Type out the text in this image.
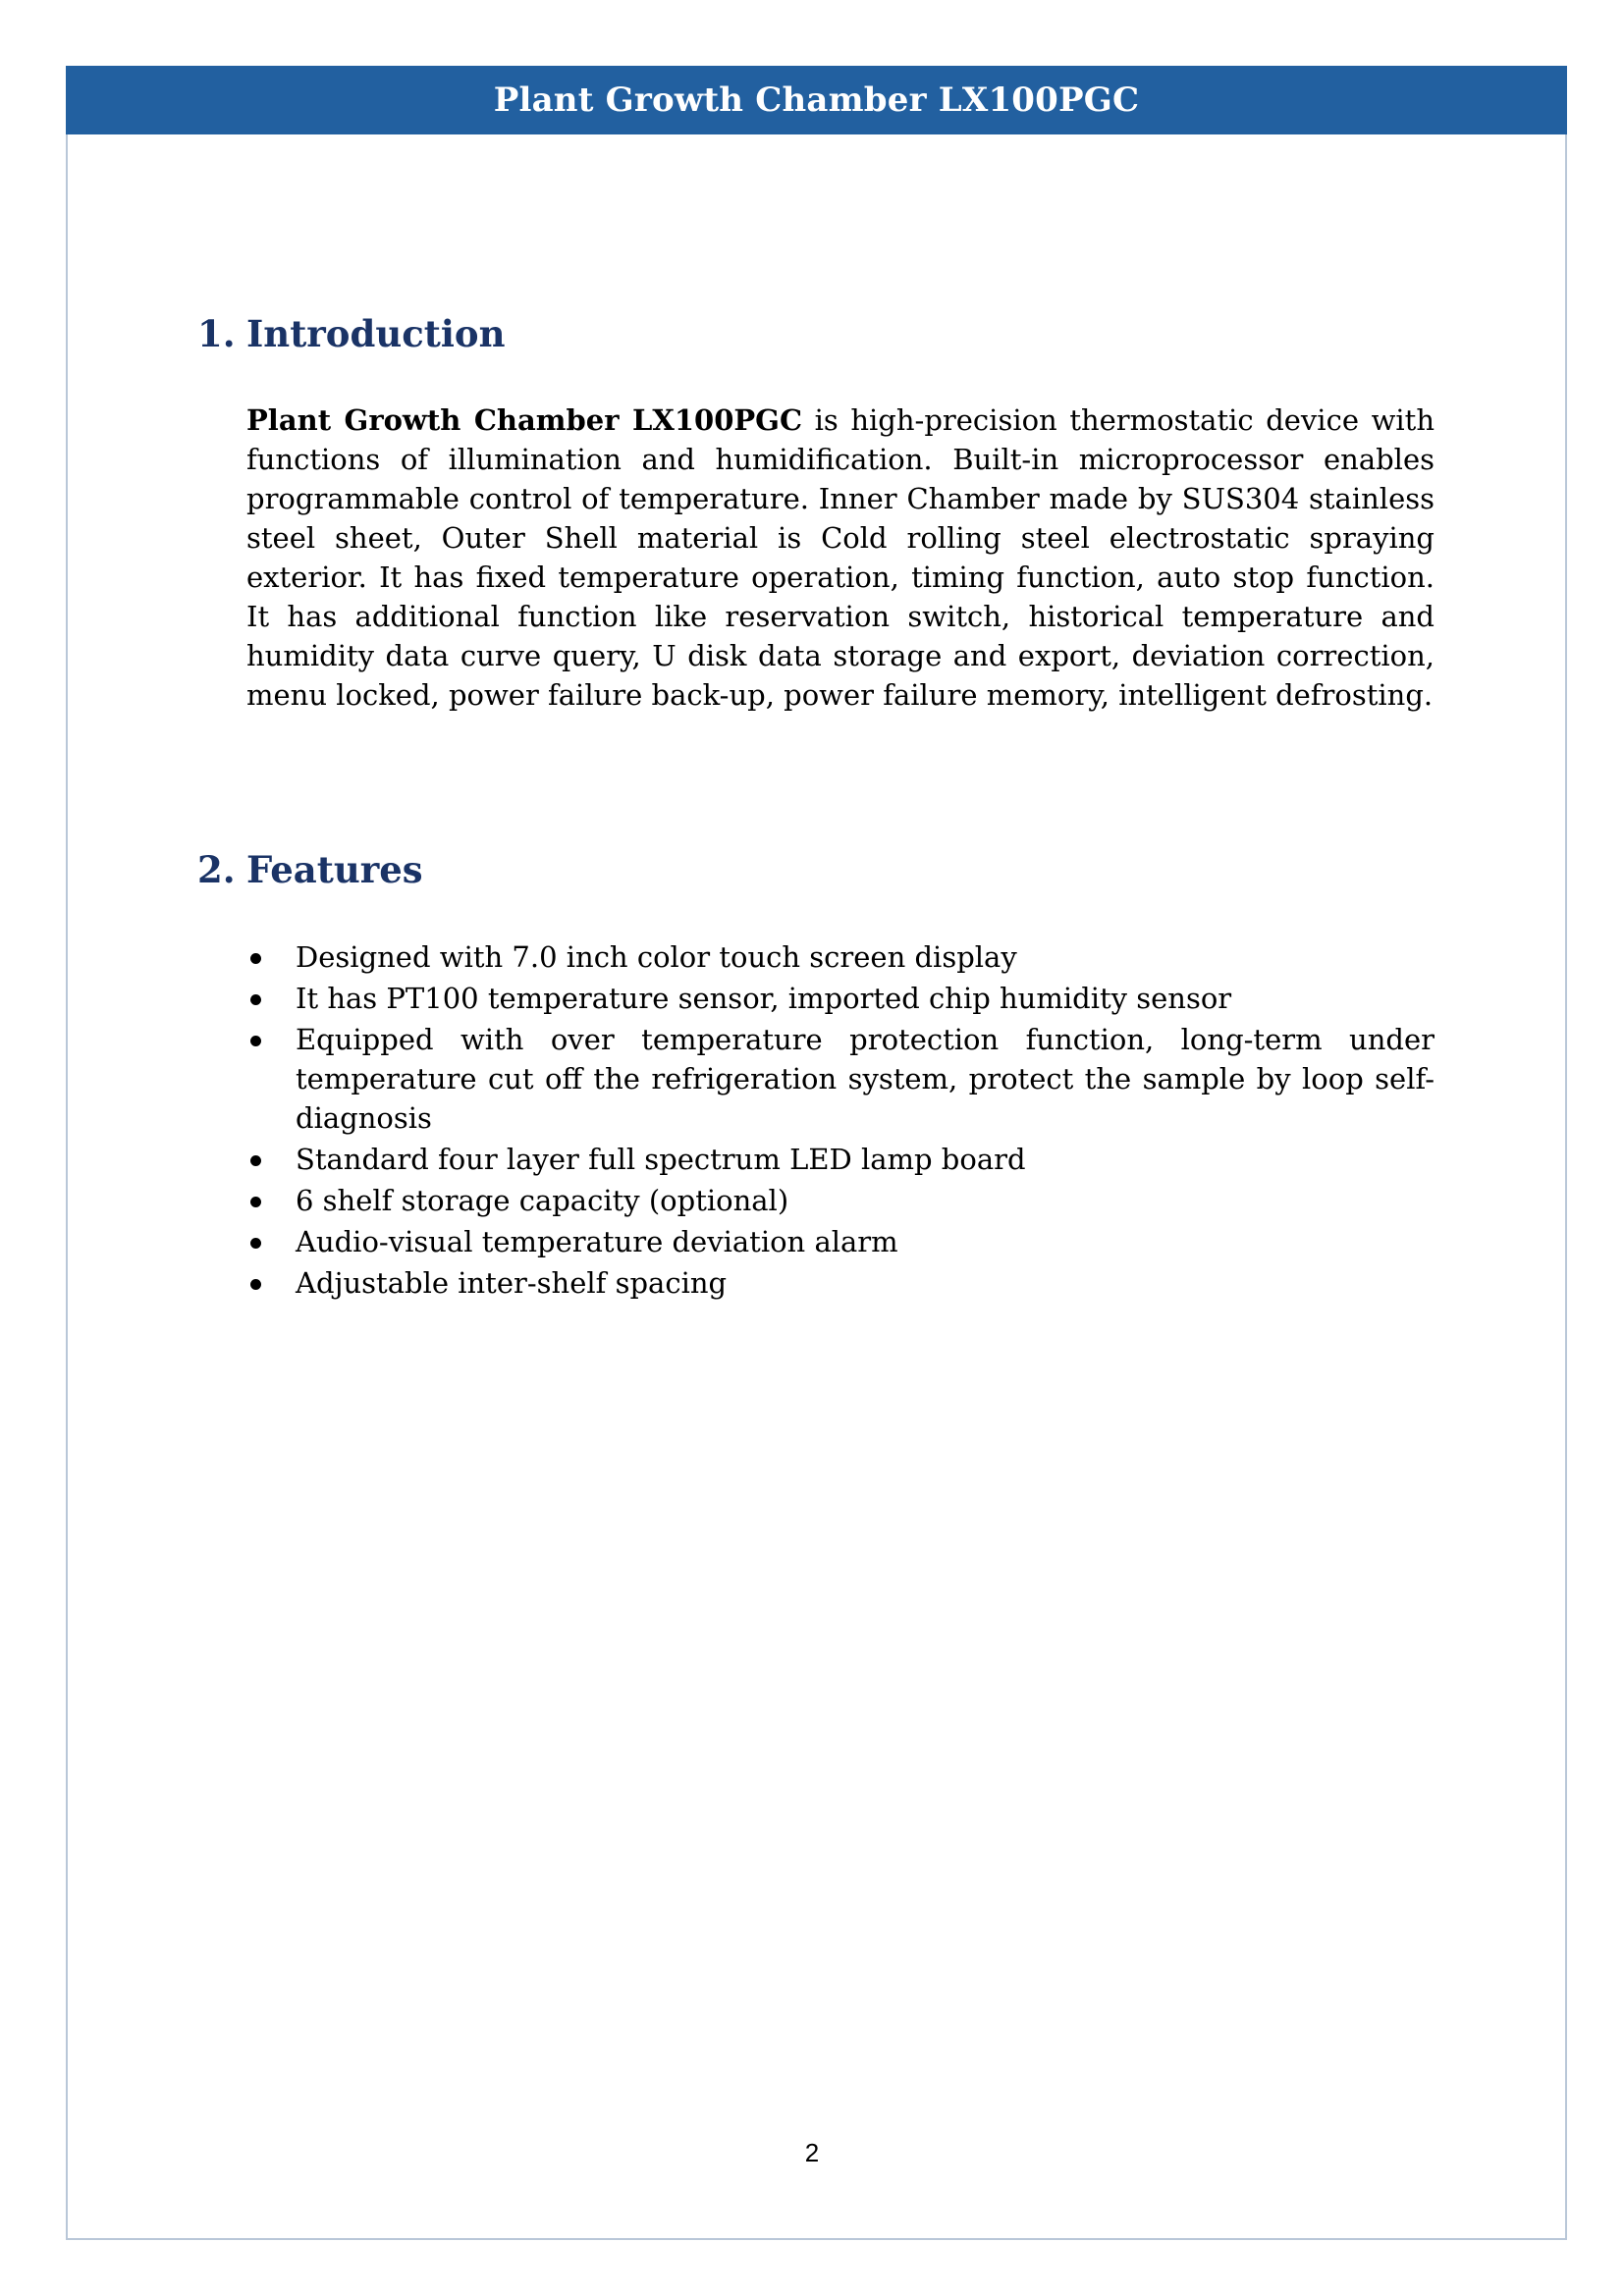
Plant Growth Chamber LX100PGC
1. Introduction

Plant Growth Chamber LX100PGC is high-precision thermostatic device with functions of illumination and humidification. Built-in microprocessor enables programmable control of temperature. Inner Chamber made by SUS304 stainless steel sheet, Outer Shell material is Cold rolling steel electrostatic spraying exterior. It has fixed temperature operation, timing function, auto stop function. It has additional function like reservation switch, historical temperature and humidity data curve query, U disk data storage and export, deviation correction, menu locked, power failure back-up, power failure memory, intelligent defrosting.

2. Features
Designed with 7.0 inch color touch screen display
It has PT100 temperature sensor, imported chip humidity sensor
Equipped with over temperature protection function, long-term under temperature cut off the refrigeration system, protect the sample by loop self-diagnosis
Standard four layer full spectrum LED lamp board
6 shelf storage capacity (optional)
Audio-visual temperature deviation alarm
Adjustable inter-shelf spacing
2
